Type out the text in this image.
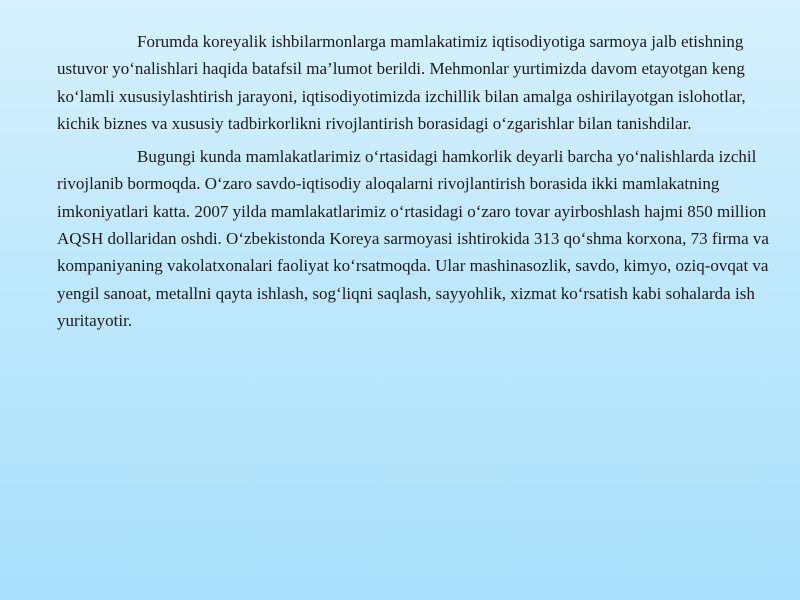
Forumda koreyalik ishbilarmonlarga mamlakatimiz iqtisodiyotiga sarmoya jalb etishning ustuvor yo‘nalishlari haqida batafsil ma’lumot berildi. Mehmonlar yurtimizda davom etayotgan keng ko‘lamli xususiylashtirish jarayoni, iqtisodiyotimizda izchillik bilan amalga oshirilayotgan islohotlar, kichik biznes va xususiy tadbirkorlikni rivojlantirish borasidagi o‘zgarishlar bilan tanishdilar.

Bugungi kunda mamlakatlarimiz o‘rtasidagi hamkorlik deyarli barcha yo‘nalishlarda izchil rivojlanib bormoqda. O‘zaro savdo-iqtisodiy aloqalarni rivojlantirish borasida ikki mamlakatning imkoniyatlari katta. 2007 yilda mamlakatlarimiz o‘rtasidagi o‘zaro tovar ayirboshlash hajmi 850 million AQSH dollaridan oshdi. O‘zbekistonda Koreya sarmoyasi ishtirokida 313 qo‘shma korxona, 73 firma va kompaniyaning vakolatxonalari faoliyat ko‘rsatmoqda. Ular mashinasozlik, savdo, kimyo, oziq-ovqat va yengil sanoat, metallni qayta ishlash, sog‘liqni saqlash, sayyohlik, xizmat ko‘rsatish kabi sohalarda ish yuritayotir.
